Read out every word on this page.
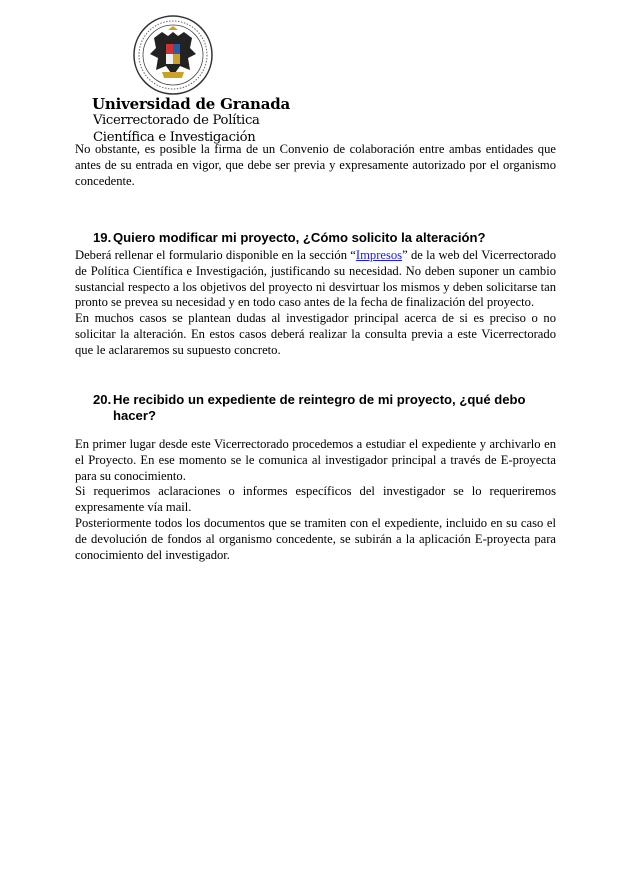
Universidad de Granada
Vicerrectorado de Política
Científica e Investigación

No obstante, es posible la firma de un Convenio de colaboración entre ambas entidades que antes de su entrada en vigor, que debe ser previa y expresamente autorizado por el organismo concedente.

19. Quiero modificar mi proyecto, ¿Cómo solicito la alteración?

Deberá rellenar el formulario disponible en la sección “Impresos” de la web del Vicerrectorado de Política Científica e Investigación, justificando su necesidad. No deben suponer un cambio sustancial respecto a los objetivos del proyecto ni desvirtuar los mismos y deben solicitarse tan pronto se prevea su necesidad y en todo caso antes de la fecha de finalización del proyecto.

En muchos casos se plantean dudas al investigador principal acerca de si es preciso o no solicitar la alteración. En estos casos deberá realizar la consulta previa a este Vicerrectorado que le aclararemos su supuesto concreto.

20. He recibido un expediente de reintegro de mi proyecto, ¿qué debo
hacer?

En primer lugar desde este Vicerrectorado procedemos a estudiar el expediente y archivarlo en el Proyecto. En ese momento se le comunica al investigador principal a través de E-proyecta para su conocimiento.

Si requerimos aclaraciones o informes específicos del investigador se lo requeriremos expresamente vía mail.

Posteriormente todos los documentos que se tramiten con el expediente, incluido en su caso el de devolución de fondos al organismo concedente, se subirán a la aplicación E-proyecta para conocimiento del investigador.
